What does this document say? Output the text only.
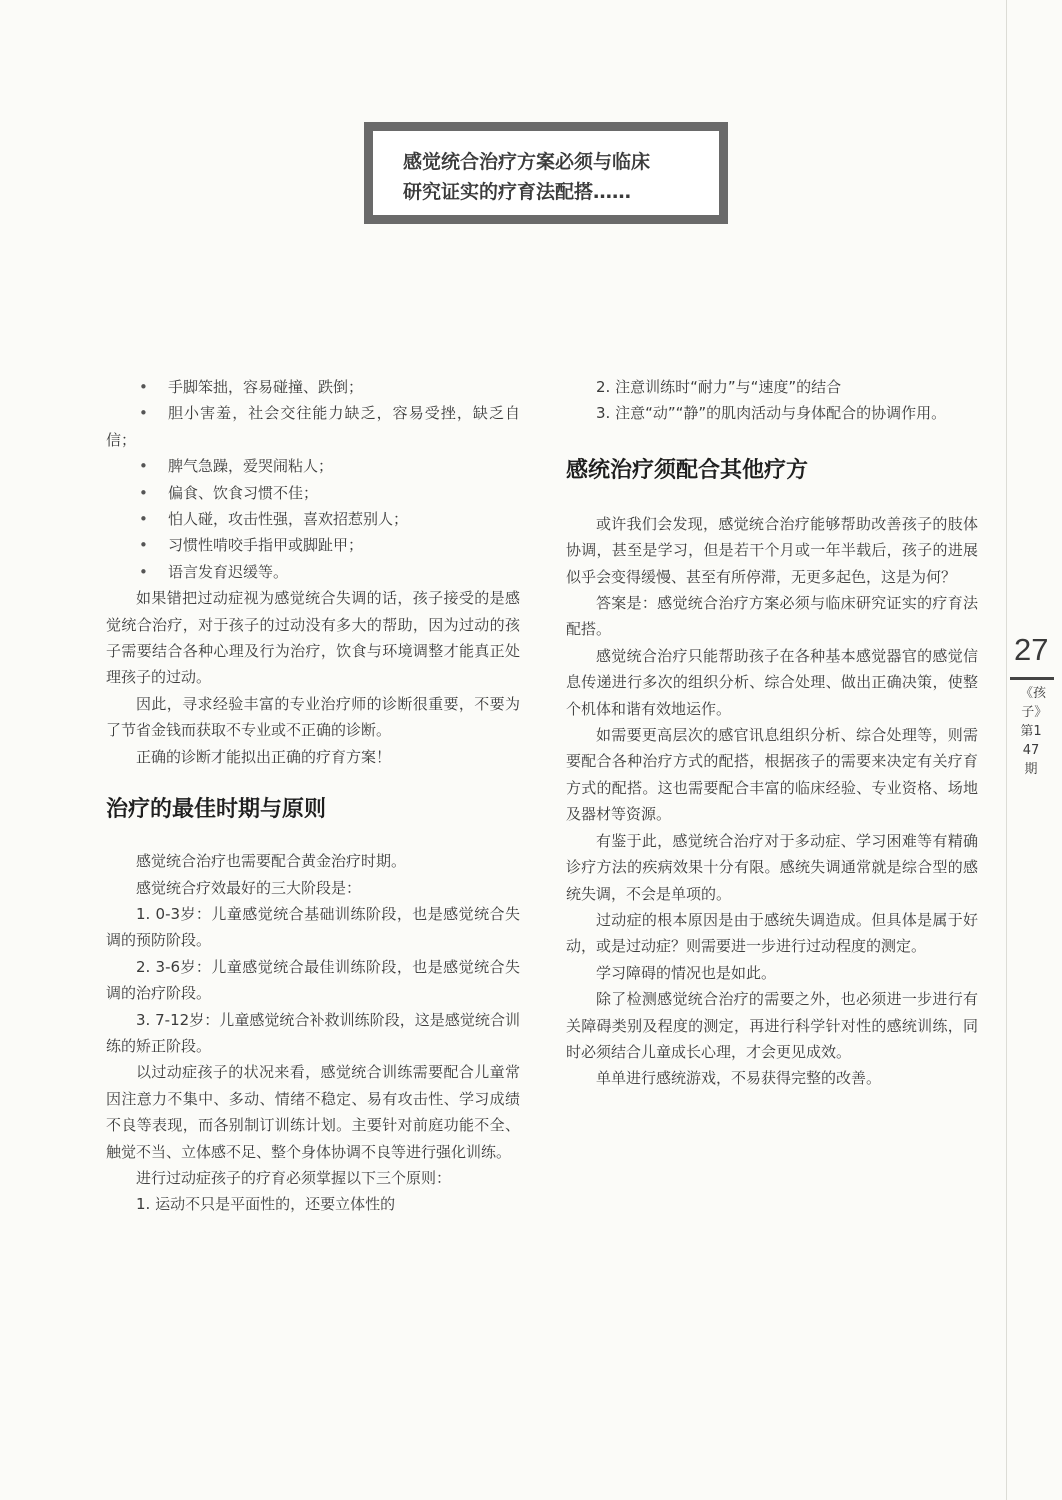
感觉统合治疗方案必须与临床
研究证实的疗育法配搭……

• 手脚笨拙，容易碰撞、跌倒；

• 胆小害羞，社会交往能力缺乏，容易受挫，缺乏自信；

• 脾气急躁，爱哭闹粘人；

• 偏食、饮食习惯不佳；

• 怕人碰，攻击性强，喜欢招惹别人；

• 习惯性啃咬手指甲或脚趾甲；

• 语言发育迟缓等。

如果错把过动症视为感觉统合失调的话，孩子接受的是感觉统合治疗，对于孩子的过动没有多大的帮助，因为过动的孩子需要结合各种心理及行为治疗，饮食与环境调整才能真正处理孩子的过动。

因此，寻求经验丰富的专业治疗师的诊断很重要，不要为了节省金钱而获取不专业或不正确的诊断。

正确的诊断才能拟出正确的疗育方案！

治疗的最佳时期与原则

感觉统合治疗也需要配合黄金治疗时期。

感觉统合疗效最好的三大阶段是：

1. 0-3岁：儿童感觉统合基础训练阶段，也是感觉统合失调的预防阶段。

2. 3-6岁：儿童感觉统合最佳训练阶段，也是感觉统合失调的治疗阶段。

3. 7-12岁：儿童感觉统合补救训练阶段，这是感觉统合训练的矫正阶段。

以过动症孩子的状况来看，感觉统合训练需要配合儿童常因注意力不集中、多动、情绪不稳定、易有攻击性、学习成绩不良等表现，而各别制订训练计划。主要针对前庭功能不全、触觉不当、立体感不足、整个身体协调不良等进行强化训练。

进行过动症孩子的疗育必须掌握以下三个原则：

1. 运动不只是平面性的，还要立体性的

2. 注意训练时“耐力”与“速度”的结合

3. 注意“动”“静”的肌肉活动与身体配合的协调作用。

感统治疗须配合其他疗方

或许我们会发现，感觉统合治疗能够帮助改善孩子的肢体协调，甚至是学习，但是若干个月或一年半载后，孩子的进展似乎会变得缓慢、甚至有所停滞，无更多起色，这是为何？

答案是：感觉统合治疗方案必须与临床研究证实的疗育法配搭。

感觉统合治疗只能帮助孩子在各种基本感觉器官的感觉信息传递进行多次的组织分析、综合处理、做出正确决策，使整个机体和谐有效地运作。

如需要更高层次的感官讯息组织分析、综合处理等，则需要配合各种治疗方式的配搭，根据孩子的需要来决定有关疗育方式的配搭。这也需要配合丰富的临床经验、专业资格、场地及器材等资源。

有鉴于此，感觉统合治疗对于多动症、学习困难等有精确诊疗方法的疾病效果十分有限。感统失调通常就是综合型的感统失调，不会是单项的。

过动症的根本原因是由于感统失调造成。但具体是属于好动，或是过动症？则需要进一步进行过动程度的测定。

学习障碍的情况也是如此。

除了检测感觉统合治疗的需要之外，也必须进一步进行有关障碍类别及程度的测定，再进行科学针对性的感统训练，同时必须结合儿童成长心理，才会更见成效。

单单进行感统游戏，不易获得完整的改善。

27
《孩子》第147期
